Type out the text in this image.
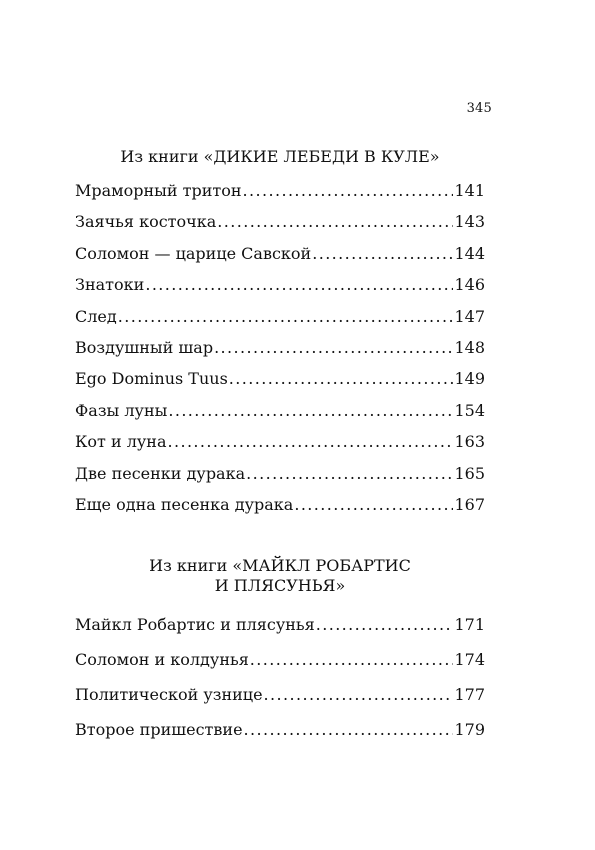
345
Из книги «ДИКИЕ ЛЕБЕДИ В КУЛЕ»
Мраморный тритон .....	141
Заячья косточка .....	143
Соломон — царице Савской .....	144
Знатоки .....	146
След .....	147
Воздушный шар .....	148
Ego Dominus Tuus .....	149
Фазы луны .....	154
Кот и луна .....	163
Две песенки дурака .....	165
Еще одна песенка дурака .....	167
Из книги «МАЙКЛ РОБАРТИС
И ПЛЯСУНЬЯ»
Майкл Робартис и плясунья .....	171
Соломон и колдунья .....	174
Политической узнице .....	177
Второе пришествие .....	179
